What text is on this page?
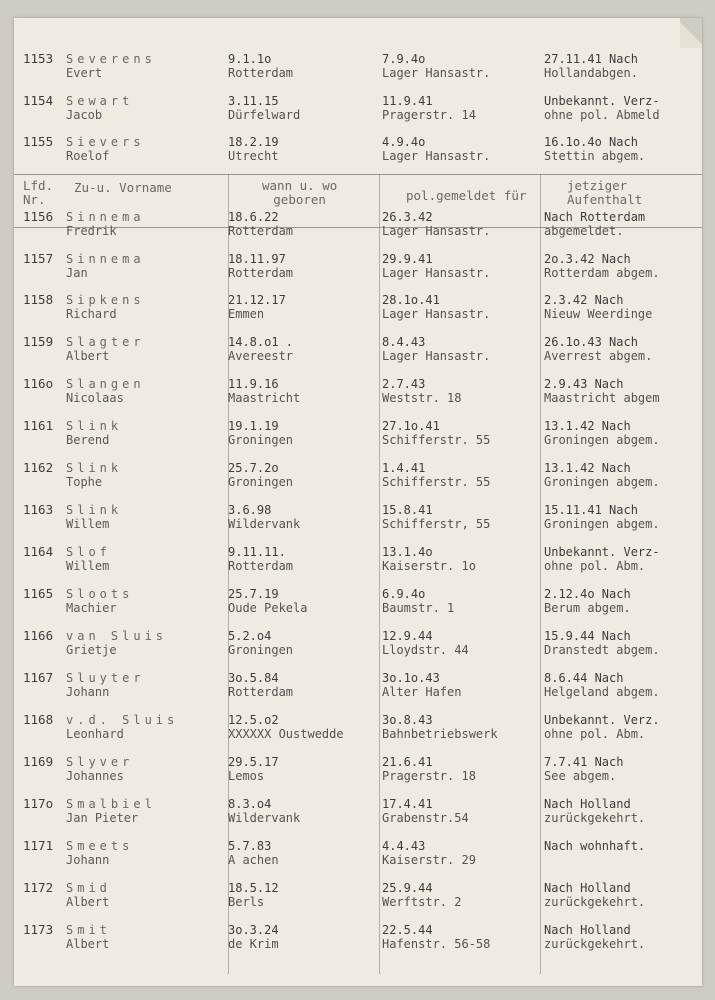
Lfd.
Nr.
Zu-u. Vorname	wann u. wo
geboren	pol.gemeldet für
jetziger
Aufenthalt
1153 Severens
Evert
9.1.1o
Rotterdam
7.9.4o
Lager Hansastr.
27.11.41 Nach
Hollandabgen.
1154 Sewart
Jacob
3.11.15
Dürfelward
11.9.41
Pragerstr. 14
Unbekannt. Verz-
ohne pol. Abmeld
1155 Sievers
Roelof
18.2.19
Utrecht
4.9.4o
Lager Hansastr.
16.1o.4o Nach
Stettin abgem.
1156 Sinnema
Fredrik
18.6.22
Rotterdam
26.3.42
Lager Hansastr.
Nach Rotterdam
abgemeldet.
1157 Sinnema
Jan
18.11.97
Rotterdam
29.9.41
Lager Hansastr.
2o.3.42 Nach
Rotterdam abgem.
1158 Sipkens
Richard
21.12.17
Emmen
28.1o.41
Lager Hansastr.
2.3.42 Nach
Nieuw Weerdinge
1159 Slagter
Albert
14.8.o1 .
Avereestr
8.4.43
Lager Hansastr.
26.1o.43 Nach
Averrest abgem.
116o Slangen
Nicolaas
11.9.16
Maastricht
2.7.43
Weststr. 18
2.9.43 Nach
Maastricht abgem
1161 Slink
Berend
19.1.19
Groningen
27.1o.41
Schifferstr. 55
13.1.42 Nach
Groningen abgem.
1162 Slink
Tophe
25.7.2o
Groningen
1.4.41
Schifferstr. 55
13.1.42 Nach
Groningen abgem.
1163 Slink
Willem
3.6.98
Wildervank
15.8.41
Schifferstr, 55
15.11.41 Nach
Groningen abgem.
1164 Slof
Willem
9.11.11.
Rotterdam
13.1.4o
Kaiserstr. 1o
Unbekannt. Verz-
ohne pol. Abm.
1165 Sloots
Machier
25.7.19
Oude Pekela
6.9.4o
Baumstr. 1
2.12.4o Nach
Berum abgem.
1166 van Sluis
Grietje
5.2.o4
Groningen
12.9.44
Lloydstr. 44
15.9.44 Nach
Dranstedt abgem.
1167 Sluyter
Johann
3o.5.84
Rotterdam
3o.1o.43
Alter Hafen
8.6.44 Nach
Helgeland abgem.
1168 v.d. Sluis
Leonhard
12.5.o2
XXXXXX Oustwedde
3o.8.43
Bahnbetriebswerk
Unbekannt. Verz.
ohne pol. Abm.
1169 Slyver
Johannes
29.5.17
Lemos
21.6.41
Pragerstr. 18
7.7.41 Nach
See abgem.
117o Smalbiel
Jan Pieter
8.3.o4
Wildervank
17.4.41
Grabenstr.54
Nach Holland
zurückgekehrt.
1171 Smeets
Johann
5.7.83
A achen
4.4.43
Kaiserstr. 29
Nach wohnhaft.
1172 Smid
Albert
18.5.12
Berls
25.9.44
Werftstr. 2
Nach Holland
zurückgekehrt.
1173 Smit
Albert
3o.3.24
de Krim
22.5.44
Hafenstr. 56-58
Nach Holland
zurückgekehrt.
